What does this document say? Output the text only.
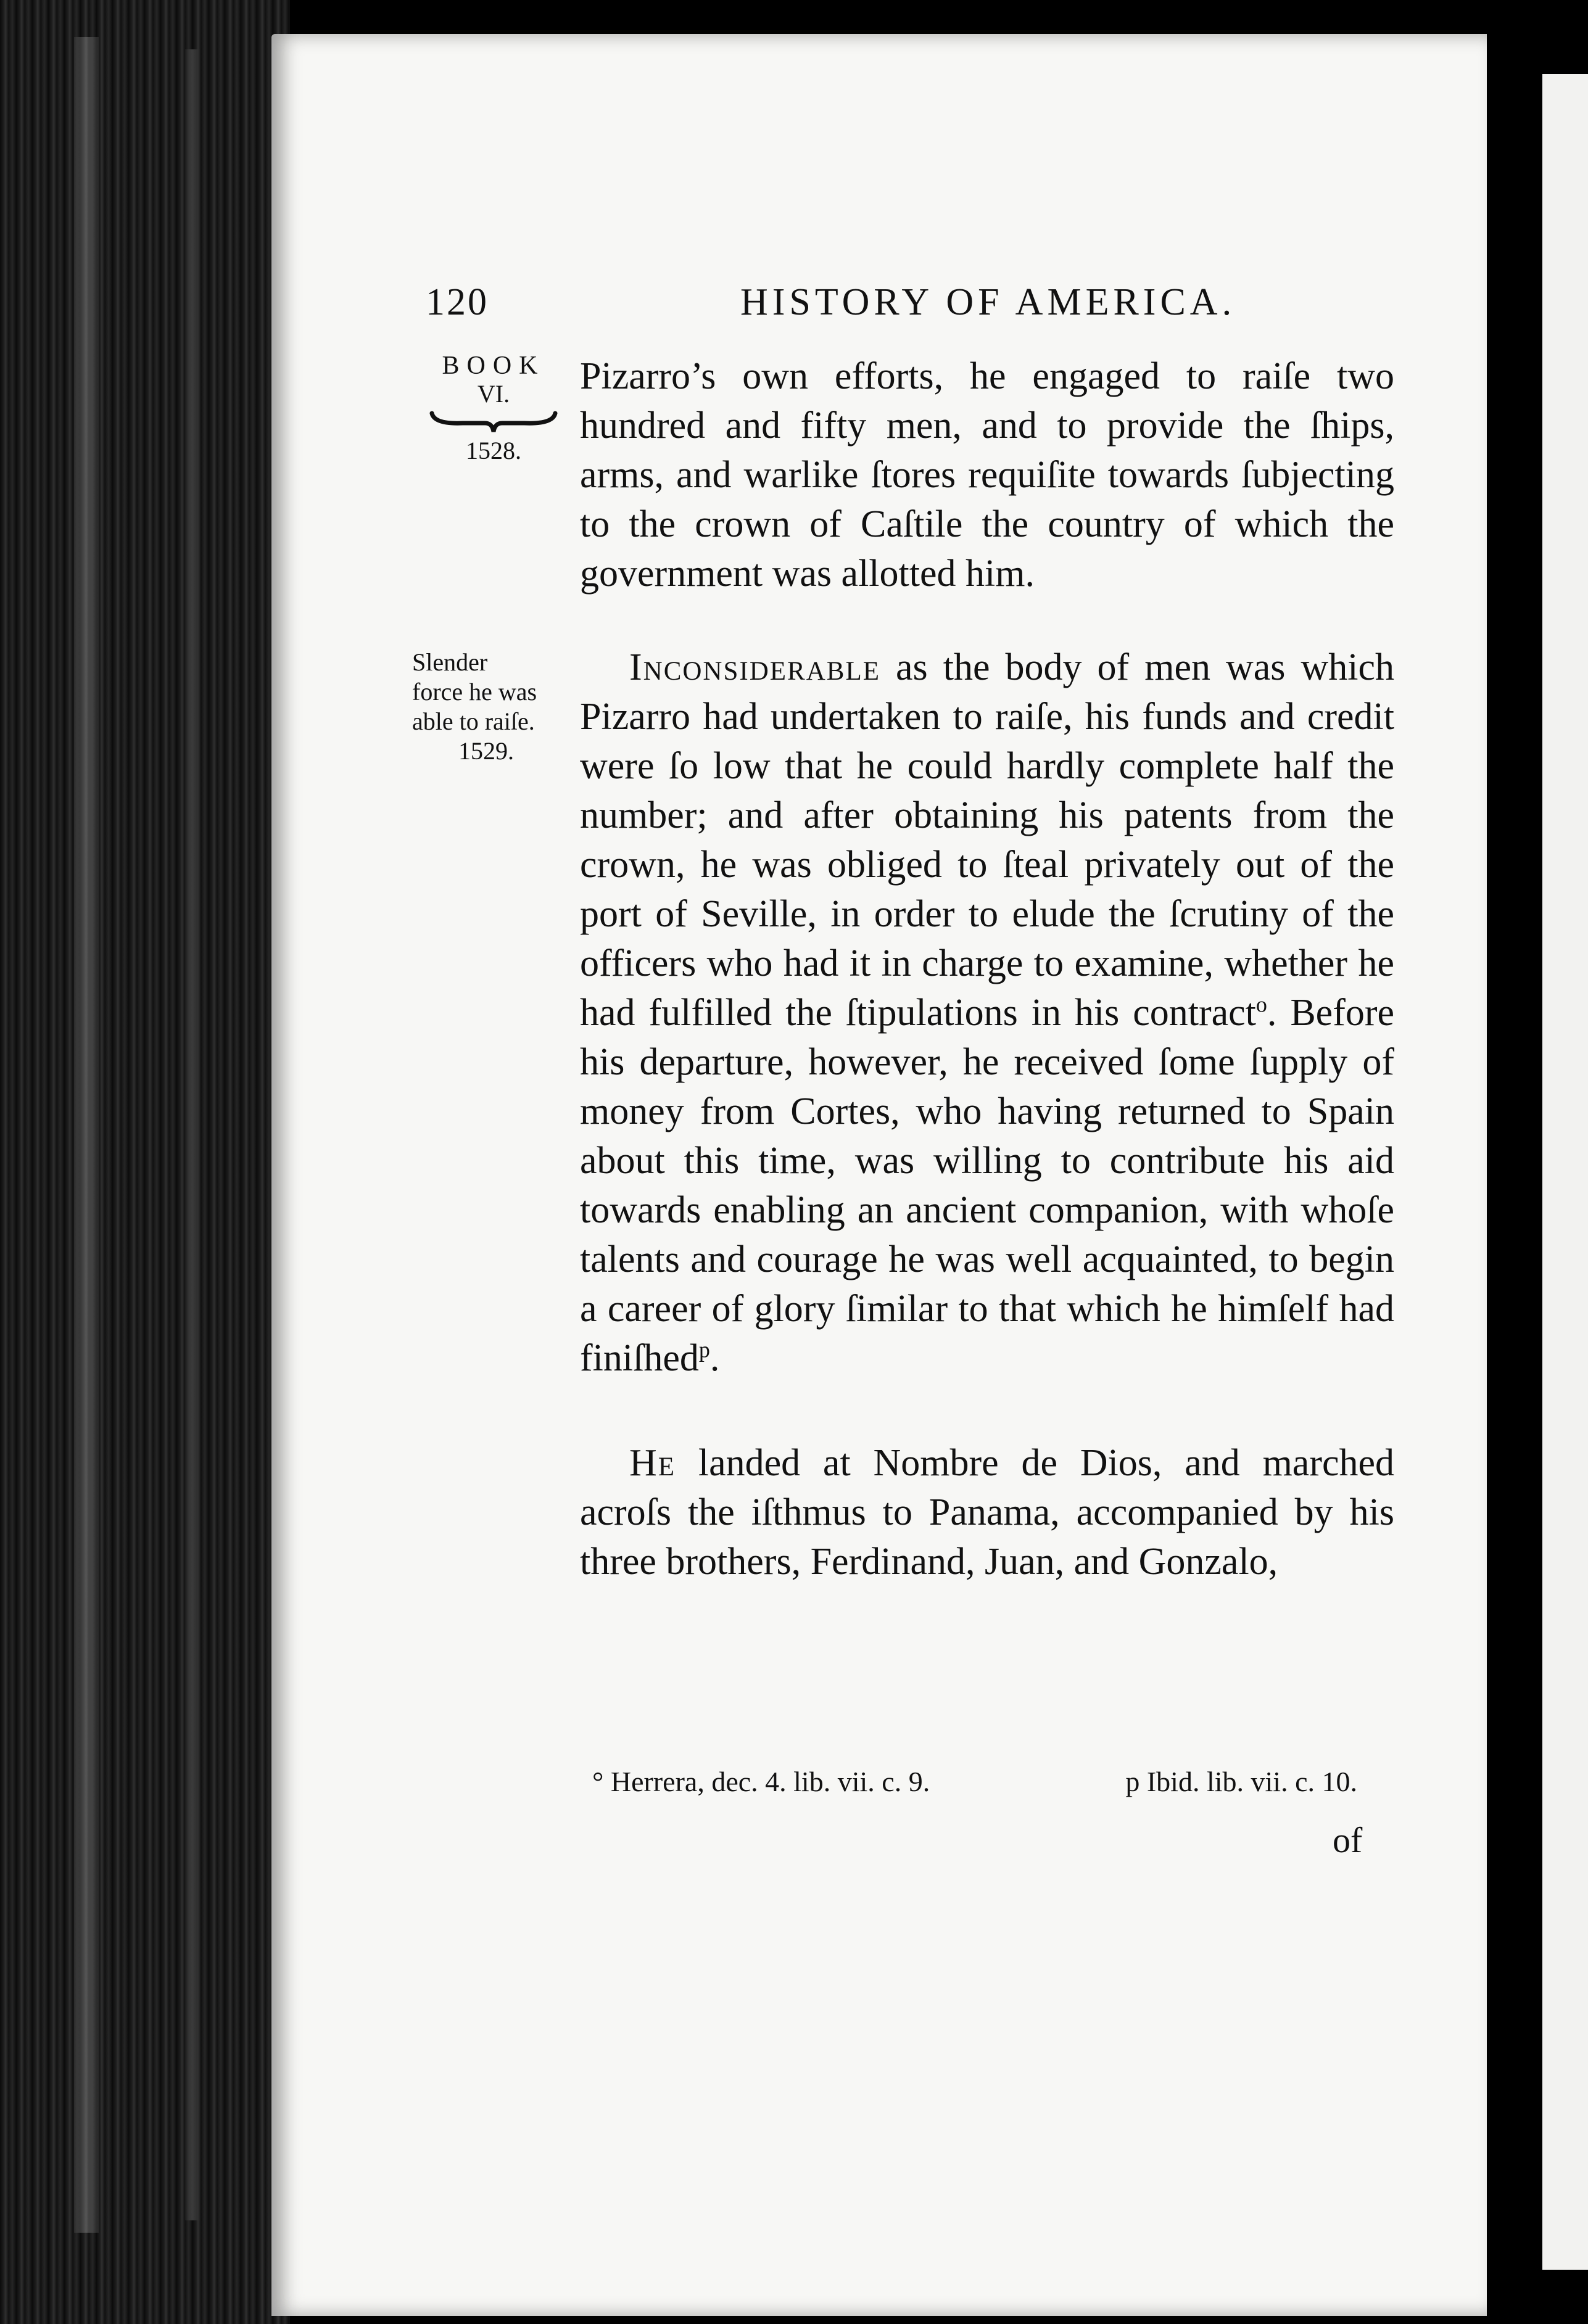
120	HISTORY OF AMERICA.
BOOK
VI.
1528.
Slender
force he was
able to raiſe.
1529.

Pizarro’s own efforts, he engaged to raiſe two hundred and fifty men, and to provide the ſhips, arms, and warlike ſtores requiſite towards ſubjecting to the crown of Caſtile the country of which the government was allotted him.

Inconsiderable as the body of men was which Pizarro had undertaken to raiſe, his funds and credit were ſo low that he could hardly complete half the number; and after obtaining his patents from the crown, he was obliged to ſteal privately out of the port of Seville, in order to elude the ſcrutiny of the officers who had it in charge to examine, whether he had fulfilled the ſtipulations in his contract$^o$. Before his departure, however, he received ſome ſupply of money from Cortes, who having returned to Spain about this time, was willing to contribute his aid towards enabling an ancient companion, with whoſe talents and courage he was well acquainted, to begin a career of glory ſimilar to that which he himſelf had finiſhed$^p$.

He landed at Nombre de Dios, and marched acroſs the iſthmus to Panama, accompanied by his three brothers, Ferdinand, Juan, and Gonzalo,

° Herrera, dec. 4. lib. vii. c. 9.	p Ibid. lib. vii. c. 10.
of
